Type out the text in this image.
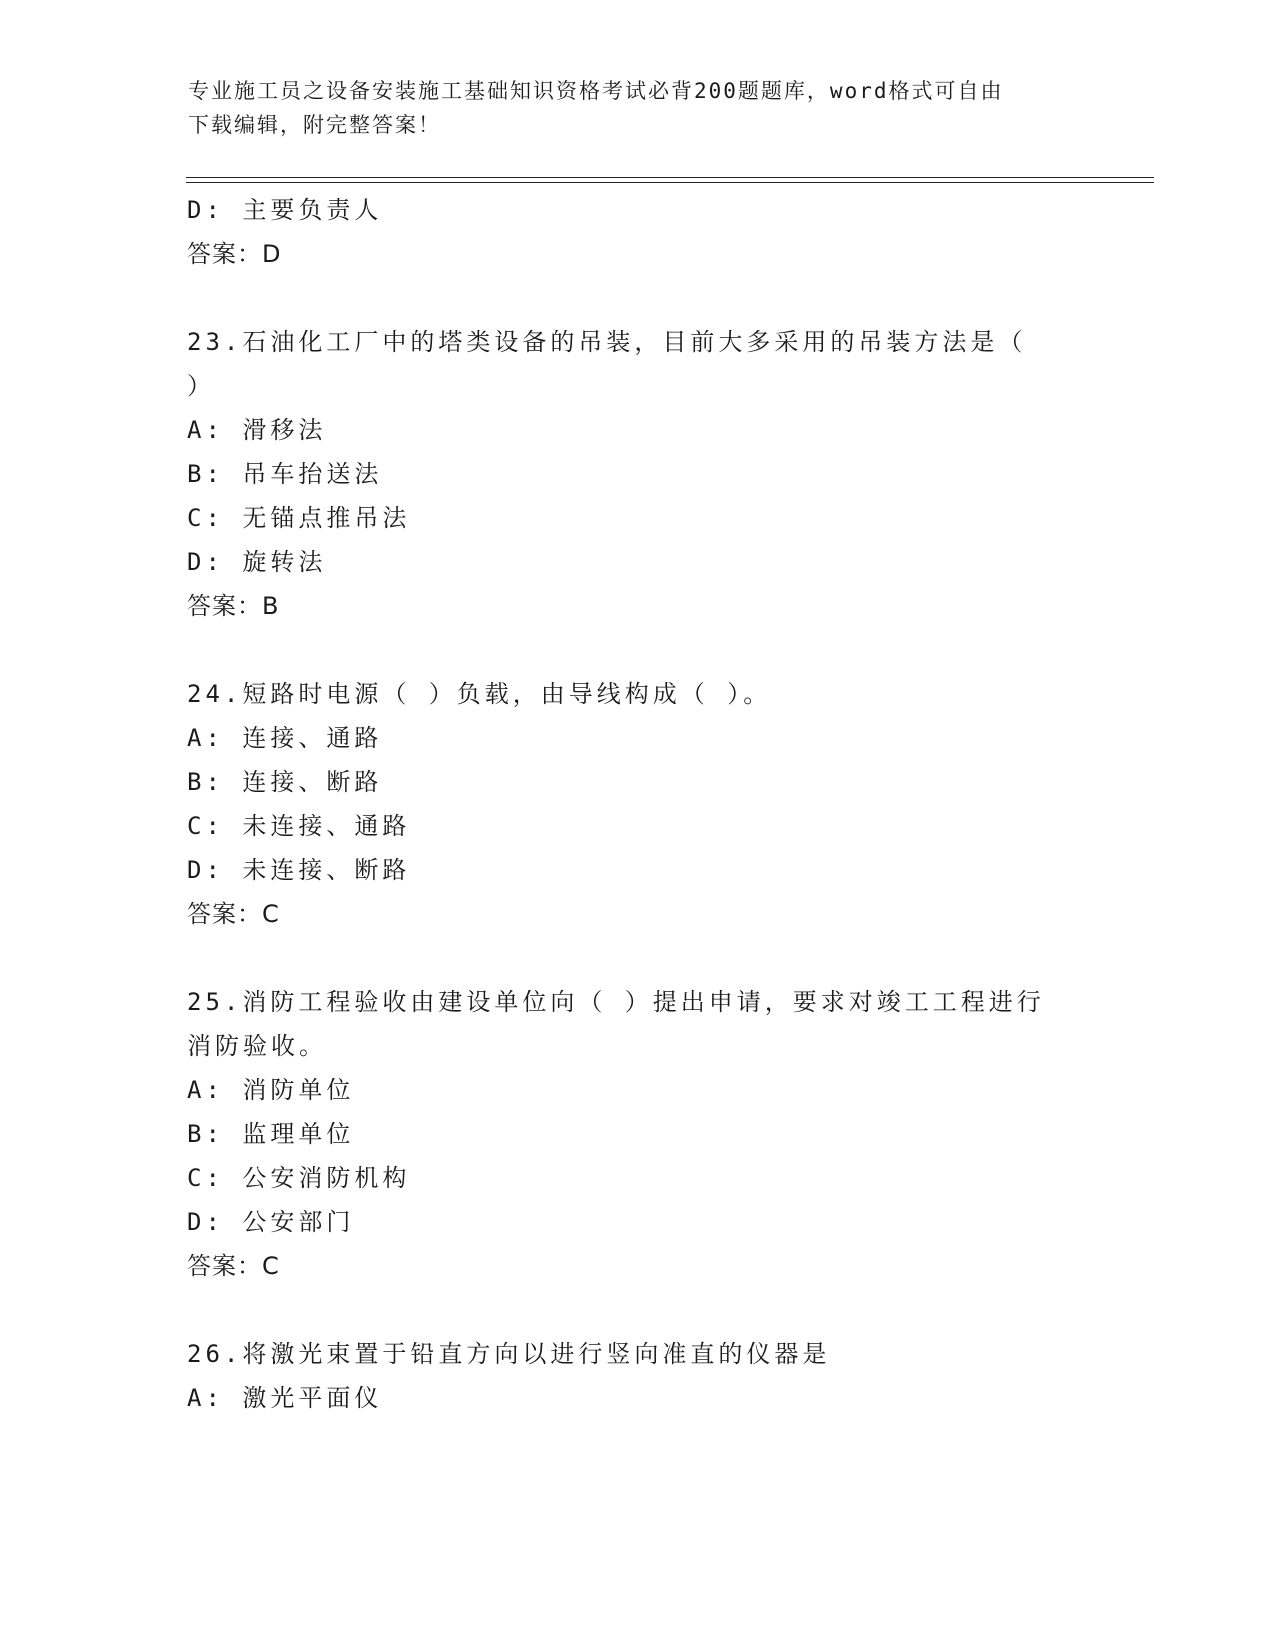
专业施工员之设备安装施工基础知识资格考试必背200题题库，word格式可自由
下载编辑，附完整答案！
D: 主要负责人
答案：D
23.石油化工厂中的塔类设备的吊装，目前大多采用的吊装方法是（
）
A: 滑移法
B: 吊车抬送法
C: 无锚点推吊法
D: 旋转法
答案：B
24.短路时电源（ ）负载，由导线构成（ ）。
A: 连接、通路
B: 连接、断路
C: 未连接、通路
D: 未连接、断路
答案：C
25.消防工程验收由建设单位向（ ）提出申请，要求对竣工工程进行
消防验收。
A: 消防单位
B: 监理单位
C: 公安消防机构
D: 公安部门
答案：C
26.将激光束置于铅直方向以进行竖向准直的仪器是
A: 激光平面仪
